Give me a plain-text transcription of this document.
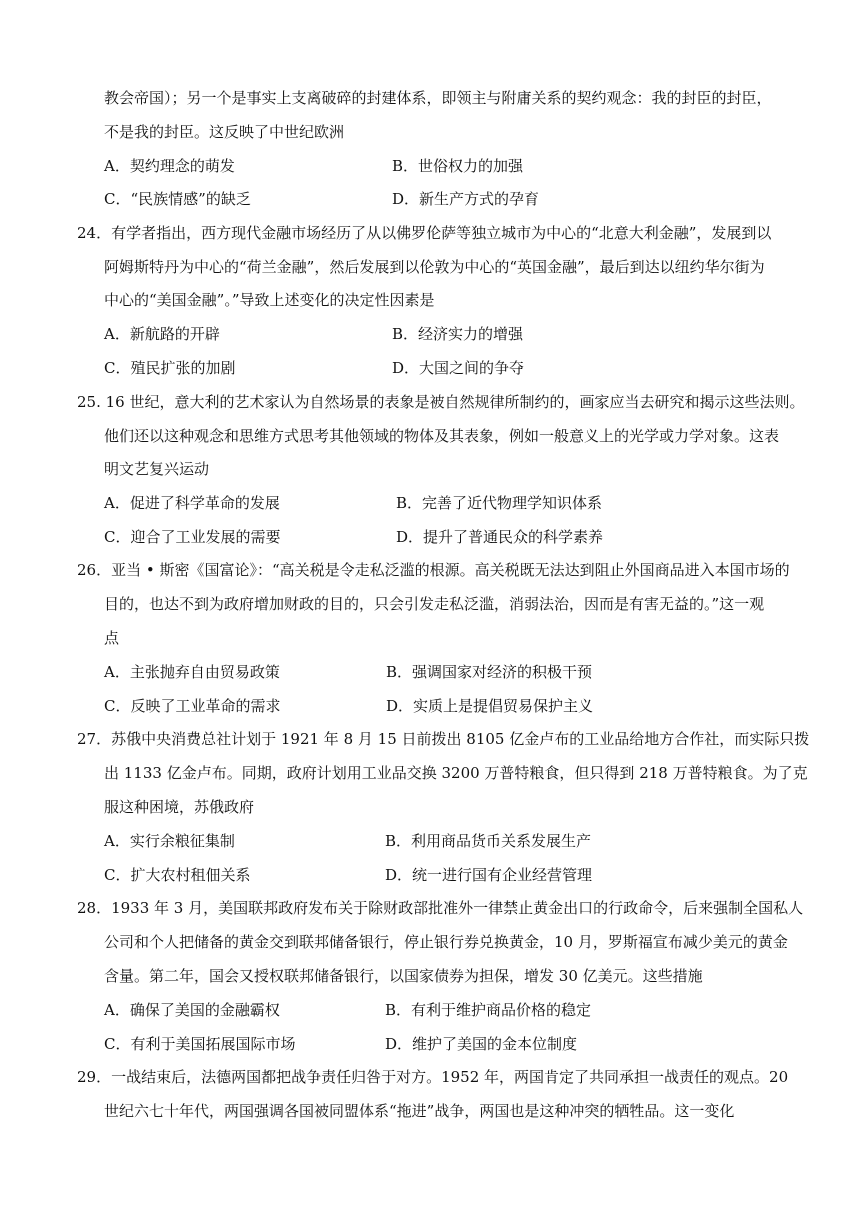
教会帝国）；另一个是事实上支离破碎的封建体系，即领主与附庸关系的契约观念：我的封臣的封臣，
不是我的封臣。这反映了中世纪欧洲
A．契约理念的萌发	B．世俗权力的加强
C．“民族情感”的缺乏	D．新生产方式的孕育
24．有学者指出，西方现代金融市场经历了从以佛罗伦萨等独立城市为中心的“北意大利金融”，发展到以
阿姆斯特丹为中心的“荷兰金融”，然后发展到以伦敦为中心的“英国金融”，最后到达以纽约华尔街为
中心的“美国金融”。”导致上述变化的决定性因素是
A．新航路的开辟	B．经济实力的增强
C．殖民扩张的加剧	D．大国之间的争夺
25. 16 世纪，意大利的艺术家认为自然场景的表象是被自然规律所制约的，画家应当去研究和揭示这些法则。
他们还以这种观念和思维方式思考其他领域的物体及其表象，例如一般意义上的光学或力学对象。这表
明文艺复兴运动
A．促进了科学革命的发展	B．完善了近代物理学知识体系
C．迎合了工业发展的需要	D．提升了普通民众的科学素养
26．亚当 • 斯密《国富论》：“高关税是令走私泛滥的根源。高关税既无法达到阻止外国商品进入本国市场的
目的，也达不到为政府增加财政的目的，只会引发走私泛滥，消弱法治，因而是有害无益的。”这一观
点
A．主张抛弃自由贸易政策	B．强调国家对经济的积极干预
C．反映了工业革命的需求	D．实质上是提倡贸易保护主义
27．苏俄中央消费总社计划于 1921 年 8 月 15 日前拨出 8105 亿金卢布的工业品给地方合作社，而实际只拨
出 1133 亿金卢布。同期，政府计划用工业品交换 3200 万普特粮食，但只得到 218 万普特粮食。为了克
服这种困境，苏俄政府
A．实行余粮征集制	B．利用商品货币关系发展生产
C．扩大农村租佃关系	D．统一进行国有企业经营管理
28．1933 年 3 月，美国联邦政府发布关于除财政部批准外一律禁止黄金出口的行政命令，后来强制全国私人
公司和个人把储备的黄金交到联邦储备银行，停止银行券兑换黄金，10 月，罗斯福宣布减少美元的黄金
含量。第二年，国会又授权联邦储备银行，以国家债券为担保，增发 30 亿美元。这些措施
A．确保了美国的金融霸权	B．有利于维护商品价格的稳定
C．有利于美国拓展国际市场	D．维护了美国的金本位制度
29．一战结束后，法德两国都把战争责任归咎于对方。1952 年，两国肯定了共同承担一战责任的观点。20
世纪六七十年代，两国强调各国被同盟体系“拖进”战争，两国也是这种冲突的牺牲品。这一变化
